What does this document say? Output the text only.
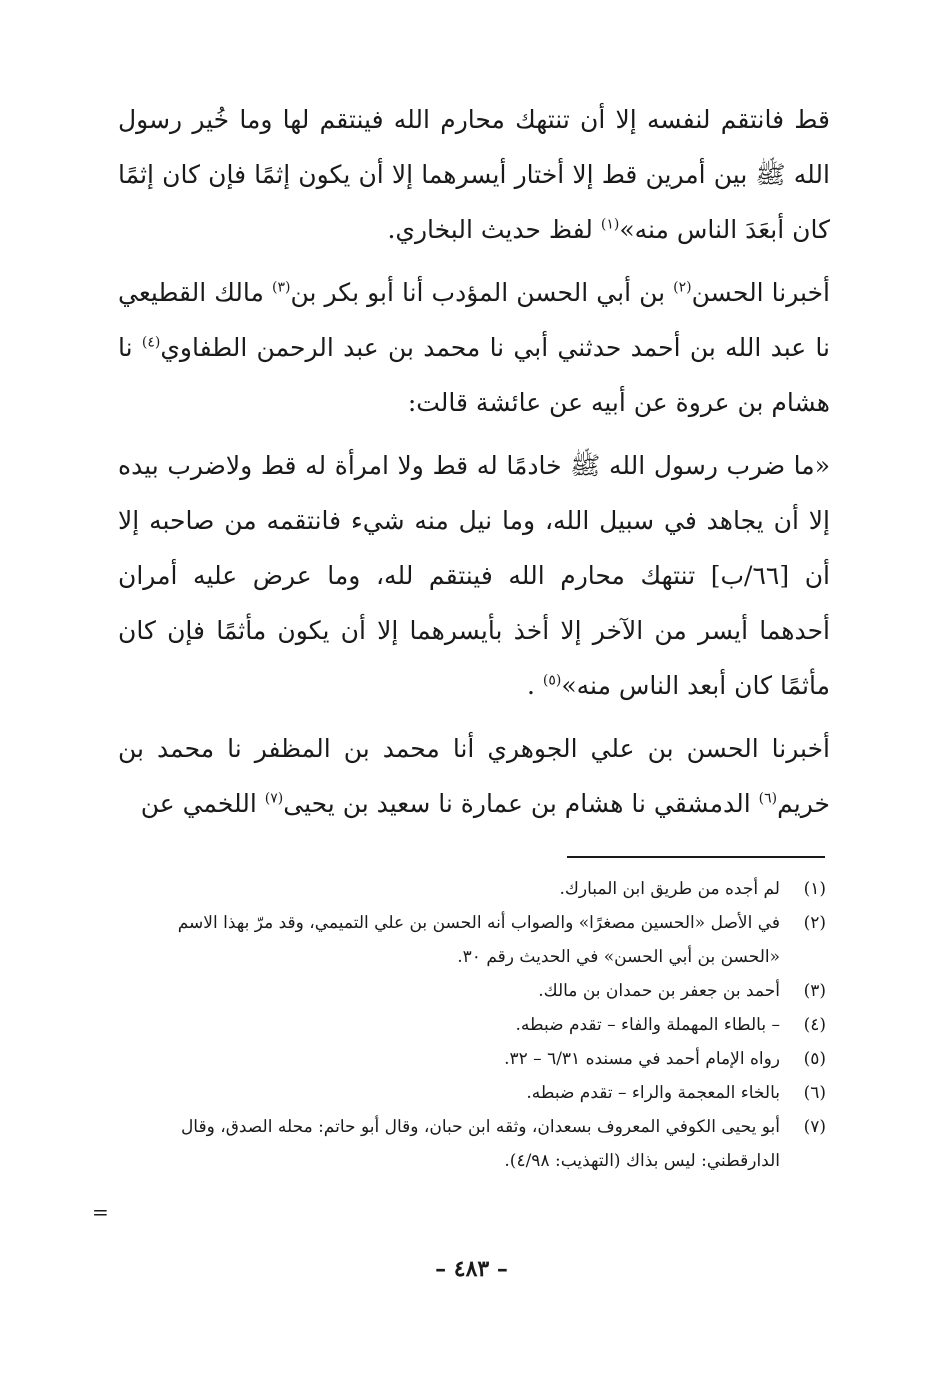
قط فانتقم لنفسه إلا أن تنتهك محارم الله فينتقم لها وما خُير رسول الله ﷺ بين أمرين قط إلا أختار أيسرهما إلا أن يكون إثمًا فإن كان إثمًا كان أبعَدَ الناس منه»$^{(١)}$ لفظ حديث البخاري.

أخبرنا الحسن$^{(٢)}$ بن أبي الحسن المؤدب أنا أبو بكر بن$^{(٣)}$ مالك القطيعي نا عبد الله بن أحمد حدثني أبي نا محمد بن عبد الرحمن الطفاوي$^{(٤)}$ نا هشام بن عروة عن أبيه عن عائشة قالت:

«ما ضرب رسول الله ﷺ خادمًا له قط ولا امرأة له قط ولاضرب بيده إلا أن يجاهد في سبيل الله، وما نيل منه شيء فانتقمه من صاحبه إلا أن [٦٦/ب] تنتهك محارم الله فينتقم لله، وما عرض عليه أمران أحدهما أيسر من الآخر إلا أخذ بأيسرهما إلا أن يكون مأثمًا فإن كان مأثمًا كان أبعد الناس منه»$^{(٥)}$ .

أخبرنا الحسن بن علي الجوهري أنا محمد بن المظفر نا محمد بن خريم$^{(٦)}$ الدمشقي نا هشام بن عمارة نا سعيد بن يحيى$^{(٧)}$ اللخمي عن

(١)
لم أجده من طريق ابن المبارك.
(٢)
في الأصل «الحسين مصغرًا» والصواب أنه الحسن بن علي التميمي، وقد مرّ بهذا الاسم «الحسن بن أبي الحسن» في الحديث رقم ٣٠.
(٣)
أحمد بن جعفر بن حمدان بن مالك.
(٤)
– بالطاء المهملة والفاء – تقدم ضبطه.
(٥)
رواه الإمام أحمد في مسنده ٦/٣١ – ٣٢.
(٦)
بالخاء المعجمة والراء – تقدم ضبطه.
(٧)
أبو يحيى الكوفي المعروف بسعدان، وثقه ابن حبان، وقال أبو حاتم: محله الصدق، وقال الدارقطني: ليس بذاك (التهذيب: ٤/٩٨).
=
– ٤٨٣ –
